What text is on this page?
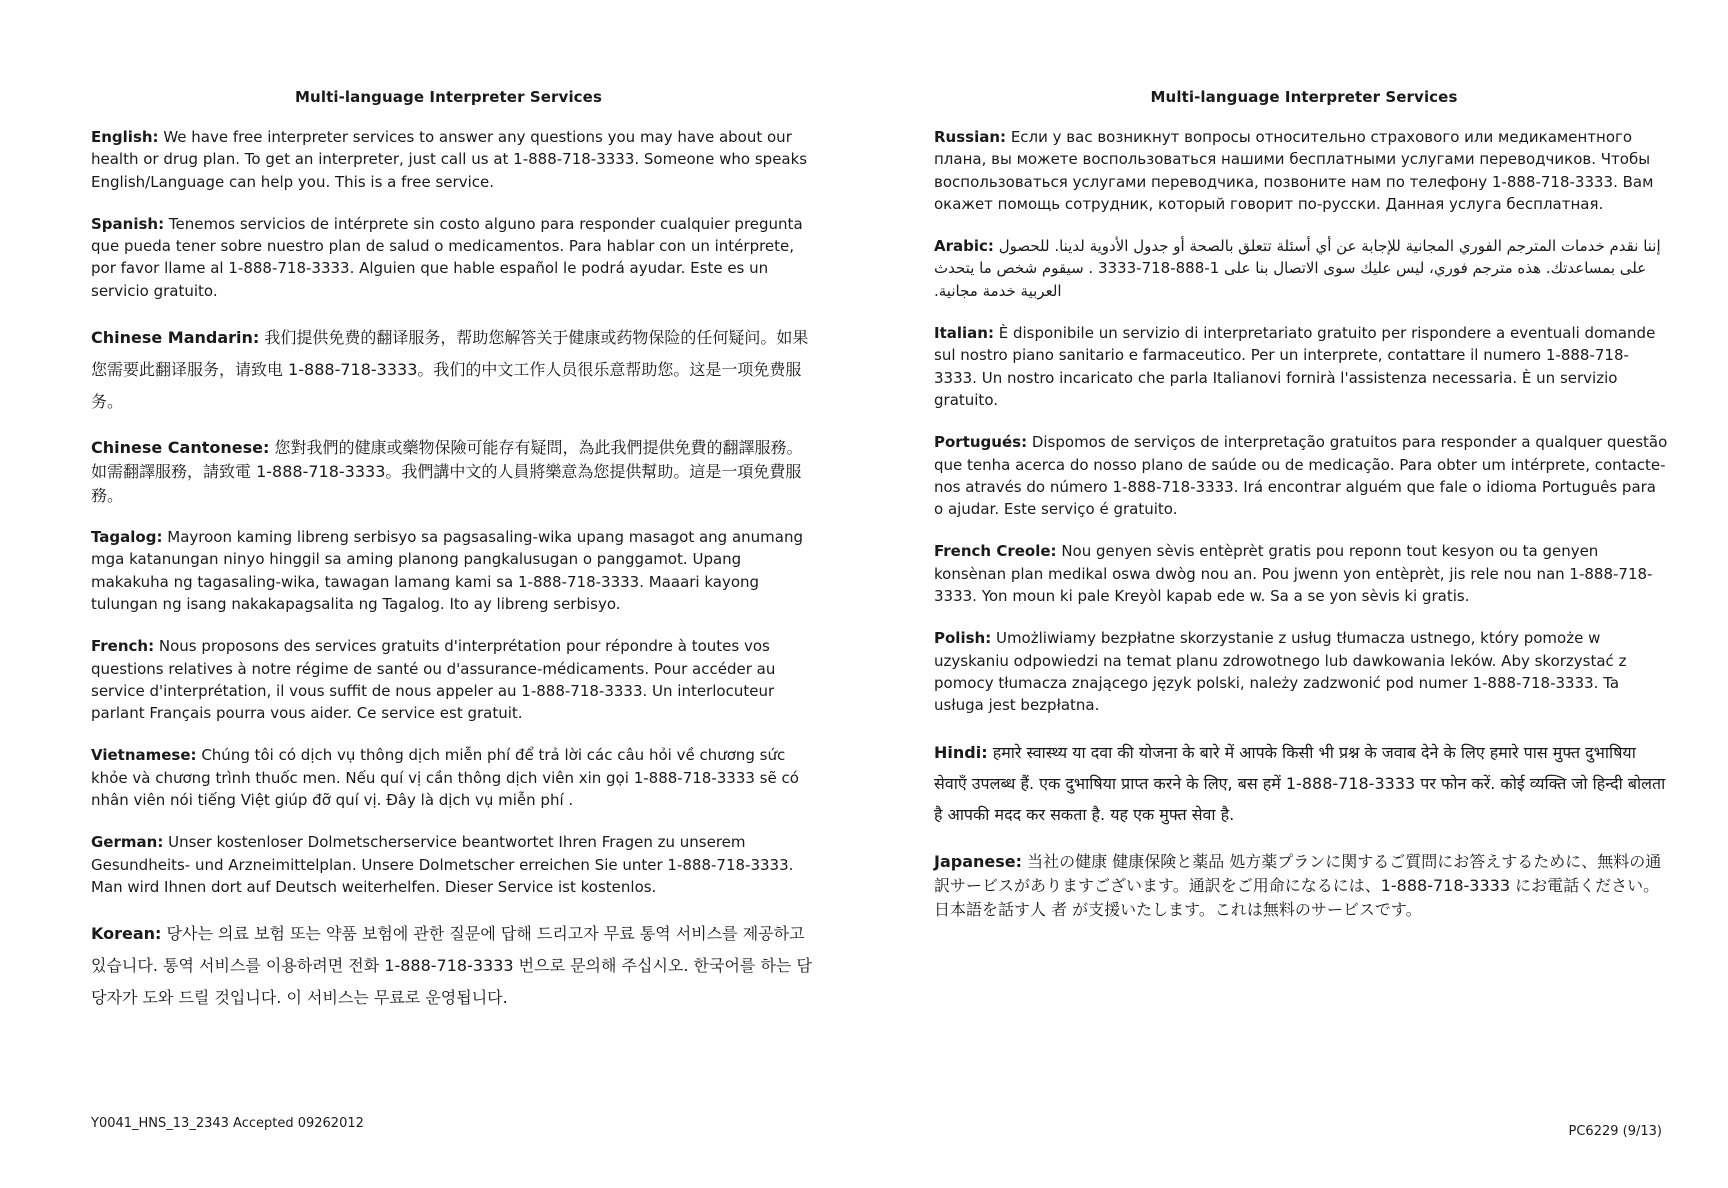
Multi-language Interpreter Services
English: We have free interpreter services to answer any questions you may have about our health or drug plan. To get an interpreter, just call us at 1-888-718-3333. Someone who speaks English/Language can help you. This is a free service.
Spanish: Tenemos servicios de intérprete sin costo alguno para responder cualquier pregunta que pueda tener sobre nuestro plan de salud o medicamentos. Para hablar con un intérprete, por favor llame al 1-888-718-3333. Alguien que hable español le podrá ayudar. Este es un servicio gratuito.
Chinese Mandarin: 我们提供免费的翻译服务，帮助您解答关于健康或药物保险的任何疑问。如果您需要此翻译服务，请致电 1-888-718-3333。我们的中文工作人员很乐意帮助您。这是一项免费服务。
Chinese Cantonese: 您對我們的健康或藥物保險可能存有疑問，為此我們提供免費的翻譯服務。如需翻譯服務，請致電 1-888-718-3333。我們講中文的人員將樂意為您提供幫助。這是一項免費服務。
Tagalog: Mayroon kaming libreng serbisyo sa pagsasaling-wika upang masagot ang anumang mga katanungan ninyo hinggil sa aming planong pangkalusugan o panggamot. Upang makakuha ng tagasaling-wika, tawagan lamang kami sa 1-888-718-3333. Maaari kayong tulungan ng isang nakakapagsalita ng Tagalog. Ito ay libreng serbisyo.
French: Nous proposons des services gratuits d'interprétation pour répondre à toutes vos questions relatives à notre régime de santé ou d'assurance-médicaments. Pour accéder au service d'interprétation, il vous suffit de nous appeler au 1-888-718-3333. Un interlocuteur parlant Français pourra vous aider. Ce service est gratuit.
Vietnamese: Chúng tôi có dịch vụ thông dịch miễn phí để trả lời các câu hỏi về chương sức khỏe và chương trình thuốc men. Nếu quí vị cần thông dịch viên xin gọi 1-888-718-3333 sẽ có nhân viên nói tiếng Việt giúp đỡ quí vị. Đây là dịch vụ miễn phí .
German: Unser kostenloser Dolmetscherservice beantwortet Ihren Fragen zu unserem Gesundheits- und Arzneimittelplan. Unsere Dolmetscher erreichen Sie unter 1-888-718-3333. Man wird Ihnen dort auf Deutsch weiterhelfen. Dieser Service ist kostenlos.
Korean: 당사는 의료 보험 또는 약품 보험에 관한 질문에 답해 드리고자 무료 통역 서비스를 제공하고 있습니다. 통역 서비스를 이용하려면 전화 1-888-718-3333 번으로 문의해 주십시오. 한국어를 하는 담당자가 도와 드릴 것입니다. 이 서비스는 무료로 운영됩니다.
Y0041_HNS_13_2343 Accepted 09262012
Multi-language Interpreter Services
Russian: Если у вас возникнут вопросы относительно страхового или медикаментного плана, вы можете воспользоваться нашими бесплатными услугами переводчиков. Чтобы воспользоваться услугами переводчика, позвоните нам по телефону 1-888-718-3333. Вам окажет помощь сотрудник, который говорит по-русски. Данная услуга бесплатная.
Arabic: إننا نقدم خدمات المترجم الفوري المجانية للإجابة عن أي أسئلة تتعلق بالصحة أو جدول الأدوية لدينا. للحصول على بمساعدتك. هذه مترجم فوري، ليس عليك سوى الاتصال بنا على 1-888-718-3333 . سيقوم شخص ما يتحدث العربية خدمة مجانية.
Italian: È disponibile un servizio di interpretariato gratuito per rispondere a eventuali domande sul nostro piano sanitario e farmaceutico. Per un interprete, contattare il numero 1-888-718-3333. Un nostro incaricato che parla Italianovi fornirà l'assistenza necessaria. È un servizio gratuito.
Portugués: Dispomos de serviços de interpretação gratuitos para responder a qualquer questão que tenha acerca do nosso plano de saúde ou de medicação. Para obter um intérprete, contacte-nos através do número 1-888-718-3333. Irá encontrar alguém que fale o idioma Português para o ajudar. Este serviço é gratuito.
French Creole: Nou genyen sèvis entèprèt gratis pou reponn tout kesyon ou ta genyen konsènan plan medikal oswa dwòg nou an. Pou jwenn yon entèprèt, jis rele nou nan 1-888-718-3333. Yon moun ki pale Kreyòl kapab ede w. Sa a se yon sèvis ki gratis.
Polish: Umożliwiamy bezpłatne skorzystanie z usług tłumacza ustnego, który pomoże w uzyskaniu odpowiedzi na temat planu zdrowotnego lub dawkowania leków. Aby skorzystać z pomocy tłumacza znającego język polski, należy zadzwonić pod numer 1-888-718-3333. Ta usługa jest bezpłatna.
Hindi: हमारे स्वास्थ्य या दवा की योजना के बारे में आपके किसी भी प्रश्न के जवाब देने के लिए हमारे पास मुफ्त दुभाषिया सेवाएँ उपलब्ध हैं. एक दुभाषिया प्राप्त करने के लिए, बस हमें 1-888-718-3333 पर फोन करें. कोई व्यक्ति जो हिन्दी बोलता है आपकी मदद कर सकता है. यह एक मुफ्त सेवा है.
Japanese: 当社の健康 健康保険と薬品 処方薬プランに関するご質問にお答えするために、無料の通訳サービスがありますございます。通訳をご用命になるには、1-888-718-3333 にお電話ください。日本語を話す人 者 が支援いたします。これは無料のサービスです。
PC6229 (9/13)
